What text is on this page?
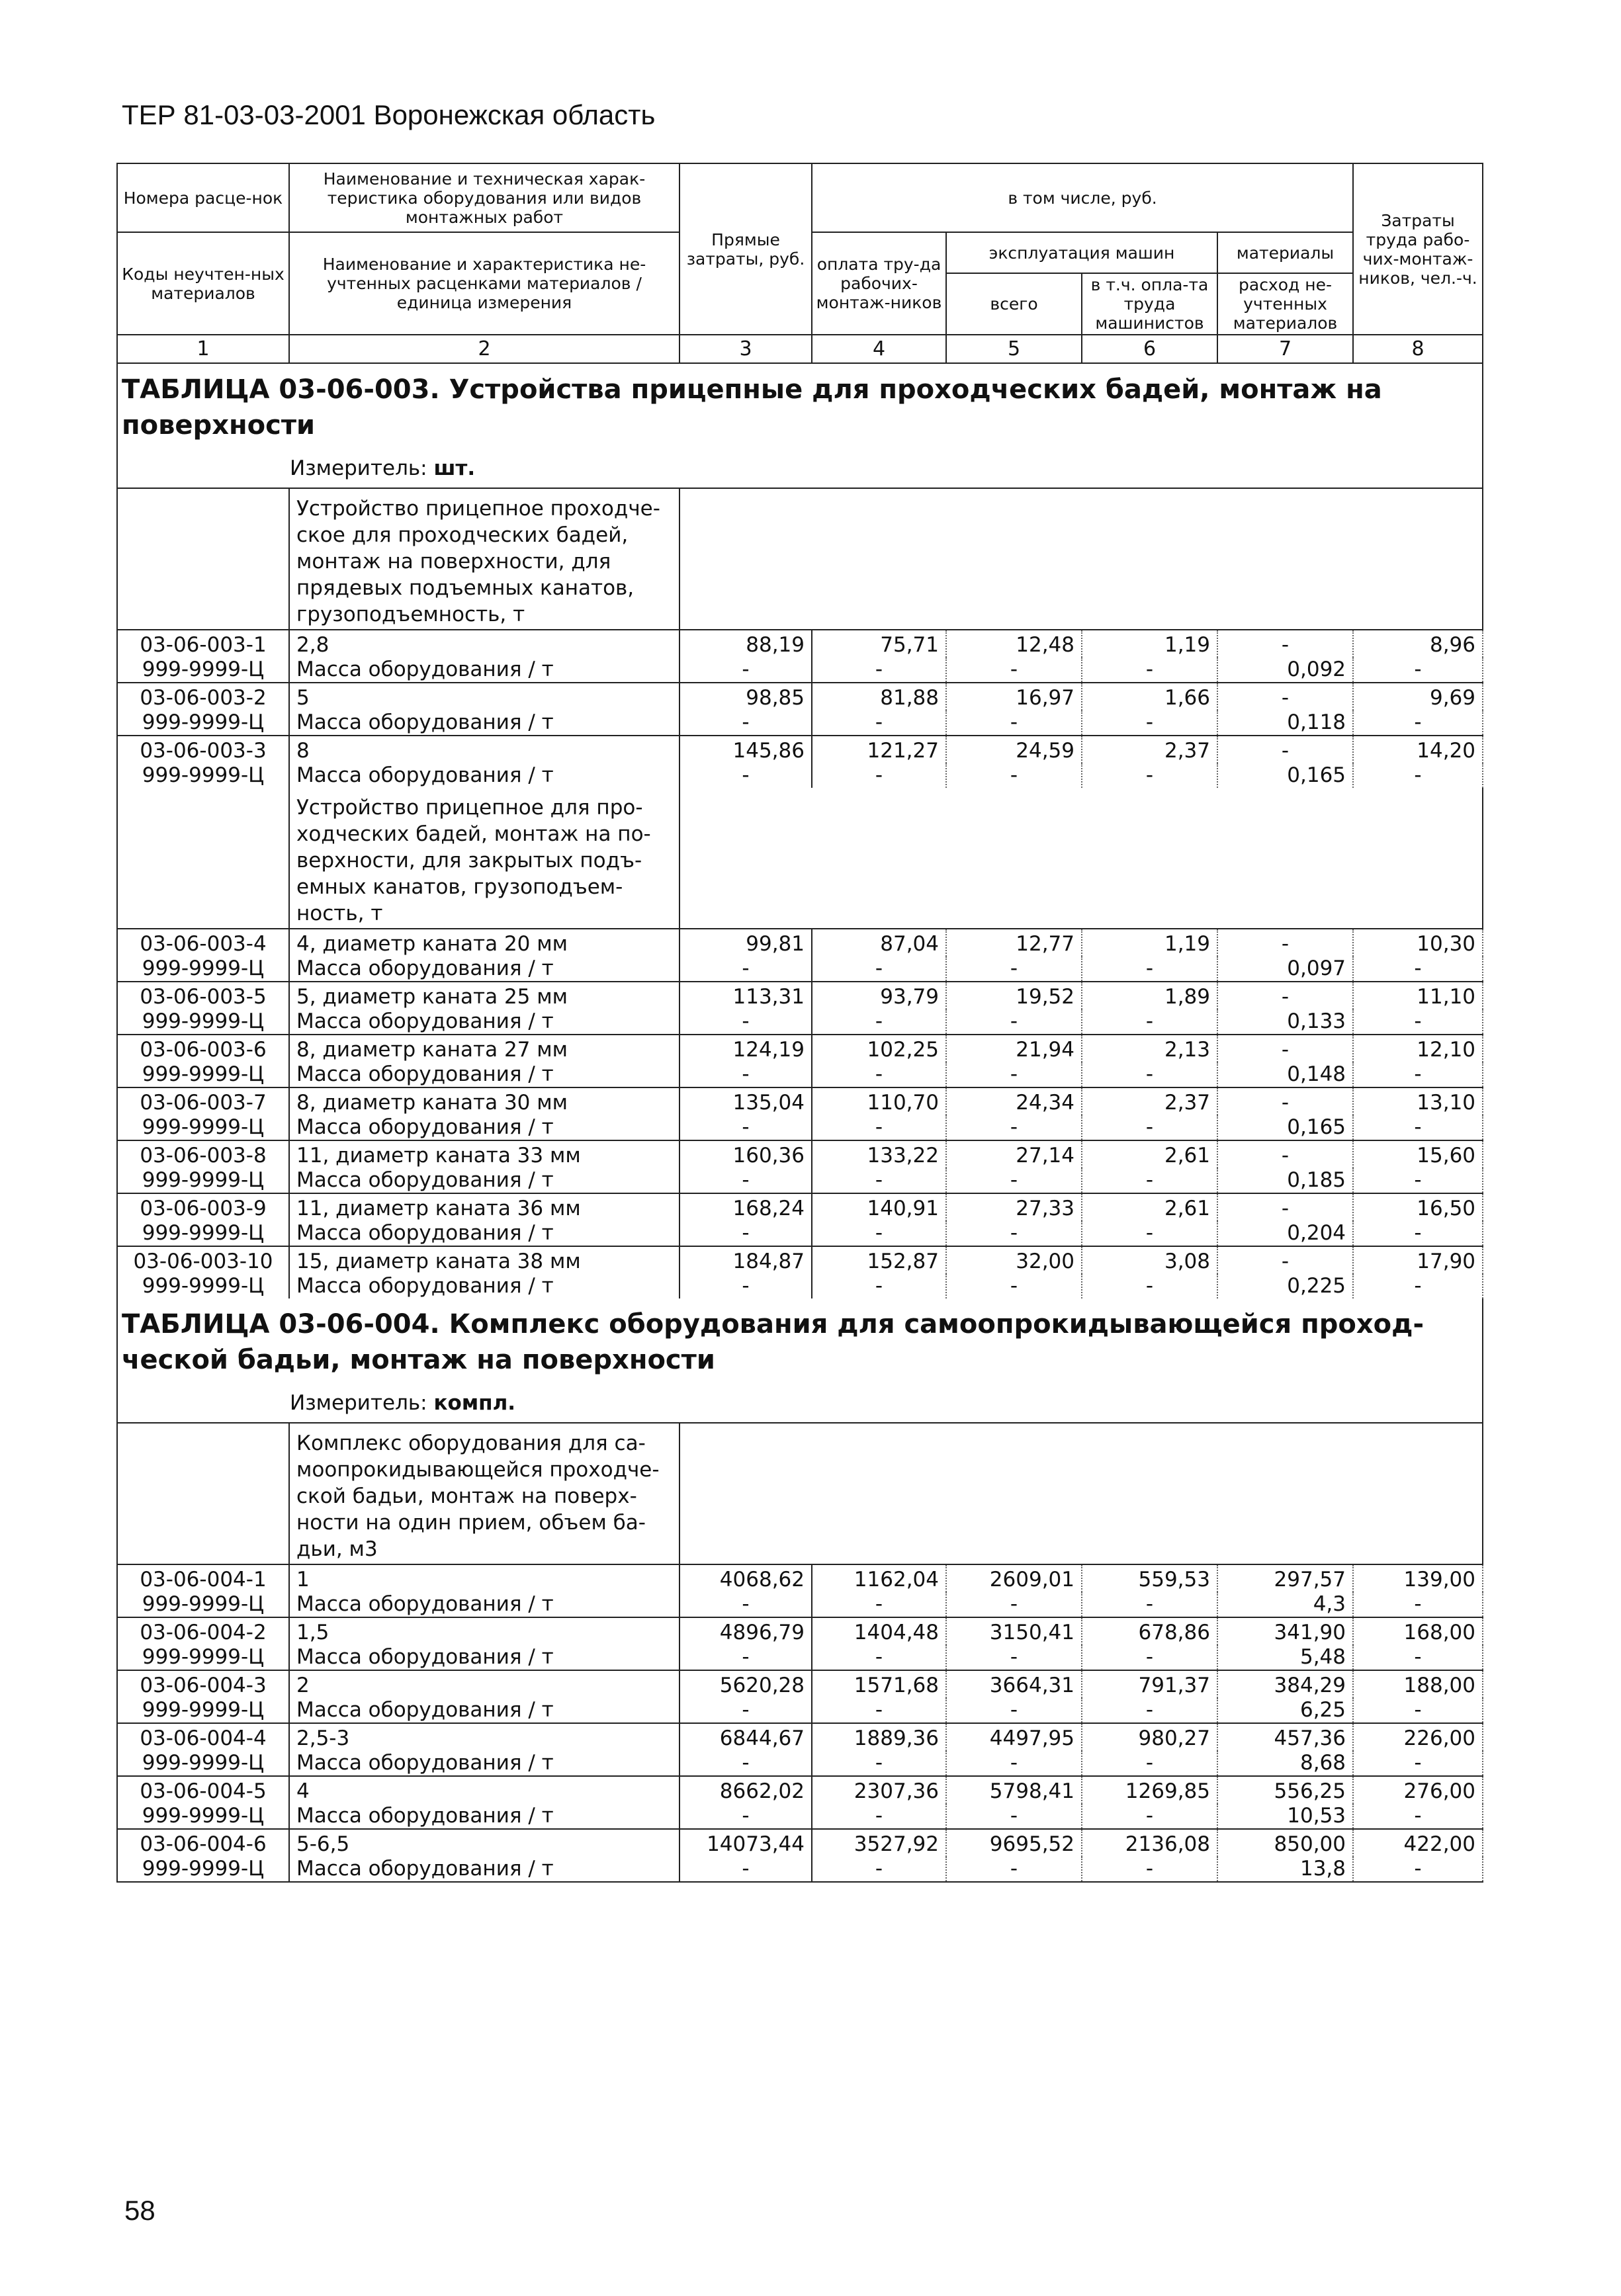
ТЕР 81-03-03-2001 Воронежская область
Номера расце-нок	Наименование и техническая харак-теристика оборудования или видов монтажных работ	Прямые затраты, руб.	в том числе, руб.				Затраты труда рабо-чих-монтаж-ников, чел.-ч.
Коды неучтен-ных материалов	Наименование и характеристика не-учтенных расценками материалов / единица измерения		оплата тру-да рабочих-монтаж-ников	эксплуатация машин		материалы	
				всего	в т.ч. опла-та труда машинистов	расход не-учтенных материалов	
1	2	3	4	5	6	7	8
ТАБЛИЦА 03-06-003. Устройства прицепные для проходческих бадей, монтаж на поверхности							
Измеритель: шт.							
	Устройство прицепное проходче-
ское для проходческих бадей,
монтаж на поверхности, для
прядевых подъемных канатов,
грузоподъемность, т						
03-06-003-1	2,8	88,19	75,71	12,48	1,19	-	8,96
999-9999-Ц	Масса оборудования / т	-	-	-	-	0,092	-
03-06-003-2	5	98,85	81,88	16,97	1,66	-	9,69
999-9999-Ц	Масса оборудования / т	-	-	-	-	0,118	-
03-06-003-3	8	145,86	121,27	24,59	2,37	-	14,20
999-9999-Ц	Масса оборудования / т	-	-	-	-	0,165	-
	Устройство прицепное для про-
ходческих бадей, монтаж на по-
верхности, для закрытых подъ-
емных канатов, грузоподъем-
ность, т						
03-06-003-4	4, диаметр каната 20 мм	99,81	87,04	12,77	1,19	-	10,30
999-9999-Ц	Масса оборудования / т	-	-	-	-	0,097	-
03-06-003-5	5, диаметр каната 25 мм	113,31	93,79	19,52	1,89	-	11,10
999-9999-Ц	Масса оборудования / т	-	-	-	-	0,133	-
03-06-003-6	8, диаметр каната 27 мм	124,19	102,25	21,94	2,13	-	12,10
999-9999-Ц	Масса оборудования / т	-	-	-	-	0,148	-
03-06-003-7	8, диаметр каната 30 мм	135,04	110,70	24,34	2,37	-	13,10
999-9999-Ц	Масса оборудования / т	-	-	-	-	0,165	-
03-06-003-8	11, диаметр каната 33 мм	160,36	133,22	27,14	2,61	-	15,60
999-9999-Ц	Масса оборудования / т	-	-	-	-	0,185	-
03-06-003-9	11, диаметр каната 36 мм	168,24	140,91	27,33	2,61	-	16,50
999-9999-Ц	Масса оборудования / т	-	-	-	-	0,204	-
03-06-003-10	15, диаметр каната 38 мм	184,87	152,87	32,00	3,08	-	17,90
999-9999-Ц	Масса оборудования / т	-	-	-	-	0,225	-
ТАБЛИЦА 03-06-004. Комплекс оборудования для самоопрокидывающейся проход-ческой бадьи, монтаж на поверхности							
Измеритель: компл.							
	Комплекс оборудования для са-
моопрокидывающейся проходче-
ской бадьи, монтаж на поверх-
ности на один прием, объем ба-
дьи, м3						
03-06-004-1	1	4068,62	1162,04	2609,01	559,53	297,57	139,00
999-9999-Ц	Масса оборудования / т	-	-	-	-	4,3	-
03-06-004-2	1,5	4896,79	1404,48	3150,41	678,86	341,90	168,00
999-9999-Ц	Масса оборудования / т	-	-	-	-	5,48	-
03-06-004-3	2	5620,28	1571,68	3664,31	791,37	384,29	188,00
999-9999-Ц	Масса оборудования / т	-	-	-	-	6,25	-
03-06-004-4	2,5-3	6844,67	1889,36	4497,95	980,27	457,36	226,00
999-9999-Ц	Масса оборудования / т	-	-	-	-	8,68	-
03-06-004-5	4	8662,02	2307,36	5798,41	1269,85	556,25	276,00
999-9999-Ц	Масса оборудования / т	-	-	-	-	10,53	-
03-06-004-6	5-6,5	14073,44	3527,92	9695,52	2136,08	850,00	422,00
999-9999-Ц	Масса оборудования / т	-	-	-	-	13,8	-
58
